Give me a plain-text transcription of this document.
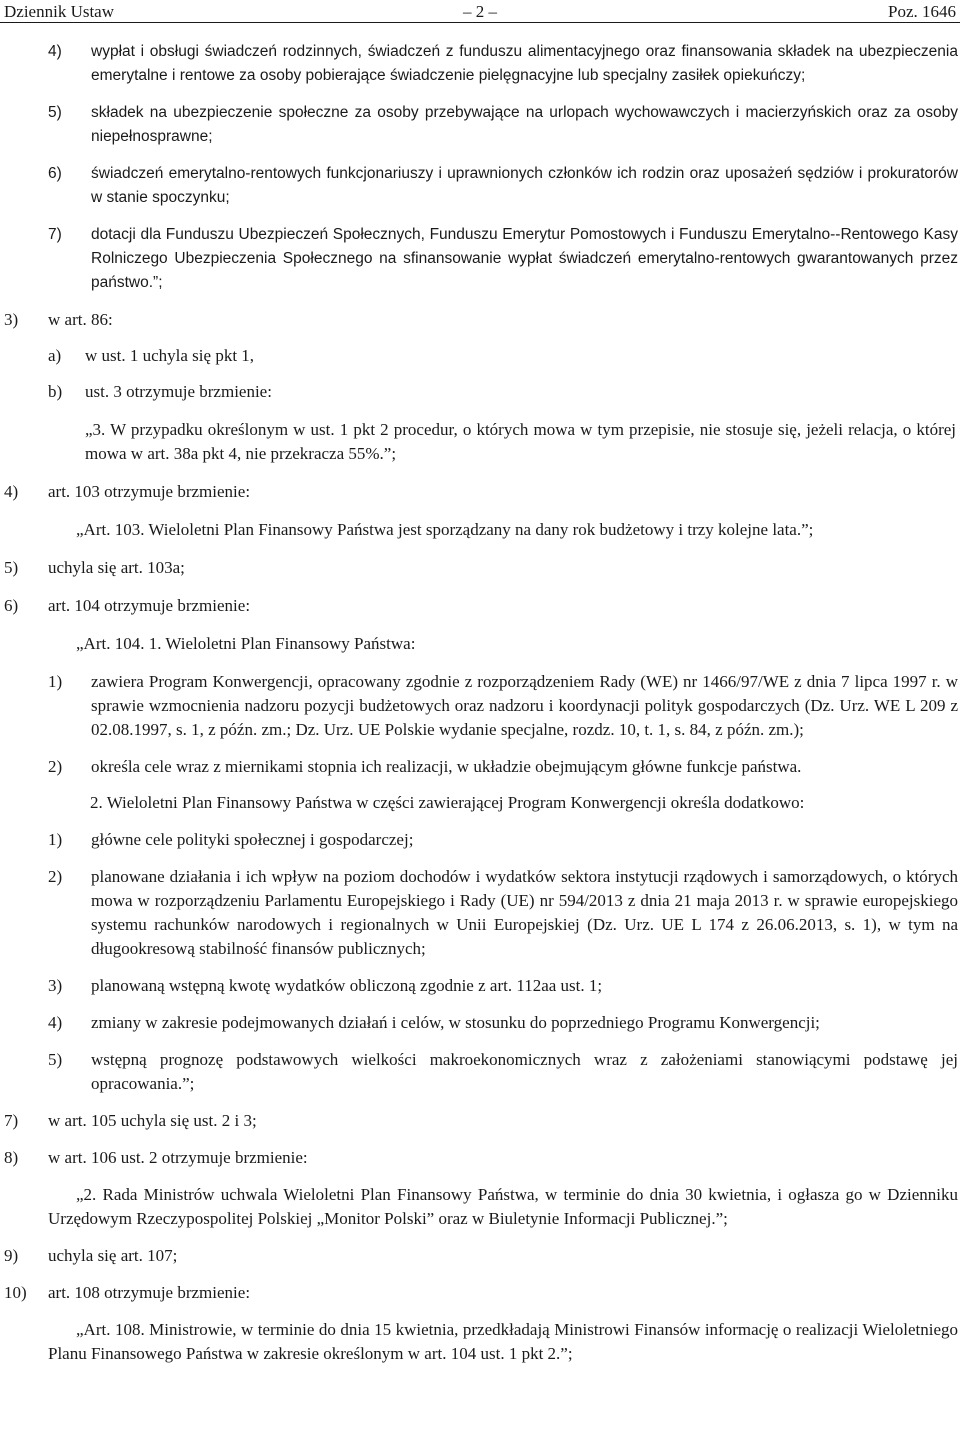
Dziennik Ustaw	– 2 –	Poz. 1646
4) wypłat i obsługi świadczeń rodzinnych, świadczeń z funduszu alimentacyjnego oraz finansowania składek na ubezpieczenia emerytalne i rentowe za osoby pobierające świadczenie pielęgnacyjne lub specjalny zasiłek opiekuńczy;
5) składek na ubezpieczenie społeczne za osoby przebywające na urlopach wychowawczych i macierzyńskich oraz za osoby niepełnosprawne;
6) świadczeń emerytalno-rentowych funkcjonariuszy i uprawnionych członków ich rodzin oraz uposażeń sędziów i prokuratorów w stanie spoczynku;
7) dotacji dla Funduszu Ubezpieczeń Społecznych, Funduszu Emerytur Pomostowych i Funduszu Emerytalno--Rentowego Kasy Rolniczego Ubezpieczenia Społecznego na sfinansowanie wypłat świadczeń emerytalno-rentowych gwarantowanych przez państwo.”;
3) w art. 86:
a) w ust. 1 uchyla się pkt 1,
b) ust. 3 otrzymuje brzmienie:
„3. W przypadku określonym w ust. 1 pkt 2 procedur, o których mowa w tym przepisie, nie stosuje się, jeżeli relacja, o której mowa w art. 38a pkt 4, nie przekracza 55%.”;
4) art. 103 otrzymuje brzmienie:
„Art. 103. Wieloletni Plan Finansowy Państwa jest sporządzany na dany rok budżetowy i trzy kolejne lata.”;
5) uchyla się art. 103a;
6) art. 104 otrzymuje brzmienie:
„Art. 104. 1. Wieloletni Plan Finansowy Państwa:
1) zawiera Program Konwergencji, opracowany zgodnie z rozporządzeniem Rady (WE) nr 1466/97/WE z dnia 7 lipca 1997 r. w sprawie wzmocnienia nadzoru pozycji budżetowych oraz nadzoru i koordynacji polityk gospodarczych (Dz. Urz. WE L 209 z 02.08.1997, s. 1, z późn. zm.; Dz. Urz. UE Polskie wydanie specjalne, rozdz. 10, t. 1, s. 84, z późn. zm.);
2) określa cele wraz z miernikami stopnia ich realizacji, w układzie obejmującym główne funkcje państwa.
2. Wieloletni Plan Finansowy Państwa w części zawierającej Program Konwergencji określa dodatkowo:
1) główne cele polityki społecznej i gospodarczej;
2) planowane działania i ich wpływ na poziom dochodów i wydatków sektora instytucji rządowych i samorządowych, o których mowa w rozporządzeniu Parlamentu Europejskiego i Rady (UE) nr 594/2013 z dnia 21 maja 2013 r. w sprawie europejskiego systemu rachunków narodowych i regionalnych w Unii Europejskiej (Dz. Urz. UE L 174 z 26.06.2013, s. 1), w tym na długookresową stabilność finansów publicznych;
3) planowaną wstępną kwotę wydatków obliczoną zgodnie z art. 112aa ust. 1;
4) zmiany w zakresie podejmowanych działań i celów, w stosunku do poprzedniego Programu Konwergencji;
5) wstępną prognozę podstawowych wielkości makroekonomicznych wraz z założeniami stanowiącymi podstawę jej opracowania.”;
7) w art. 105 uchyla się ust. 2 i 3;
8) w art. 106 ust. 2 otrzymuje brzmienie:
„2. Rada Ministrów uchwala Wieloletni Plan Finansowy Państwa, w terminie do dnia 30 kwietnia, i ogłasza go w Dzienniku Urzędowym Rzeczypospolitej Polskiej „Monitor Polski” oraz w Biuletynie Informacji Publicznej.”;
9) uchyla się art. 107;
10) art. 108 otrzymuje brzmienie:
„Art. 108. Ministrowie, w terminie do dnia 15 kwietnia, przedkładają Ministrowi Finansów informację o realizacji Wieloletniego Planu Finansowego Państwa w zakresie określonym w art. 104 ust. 1 pkt 2.”;
